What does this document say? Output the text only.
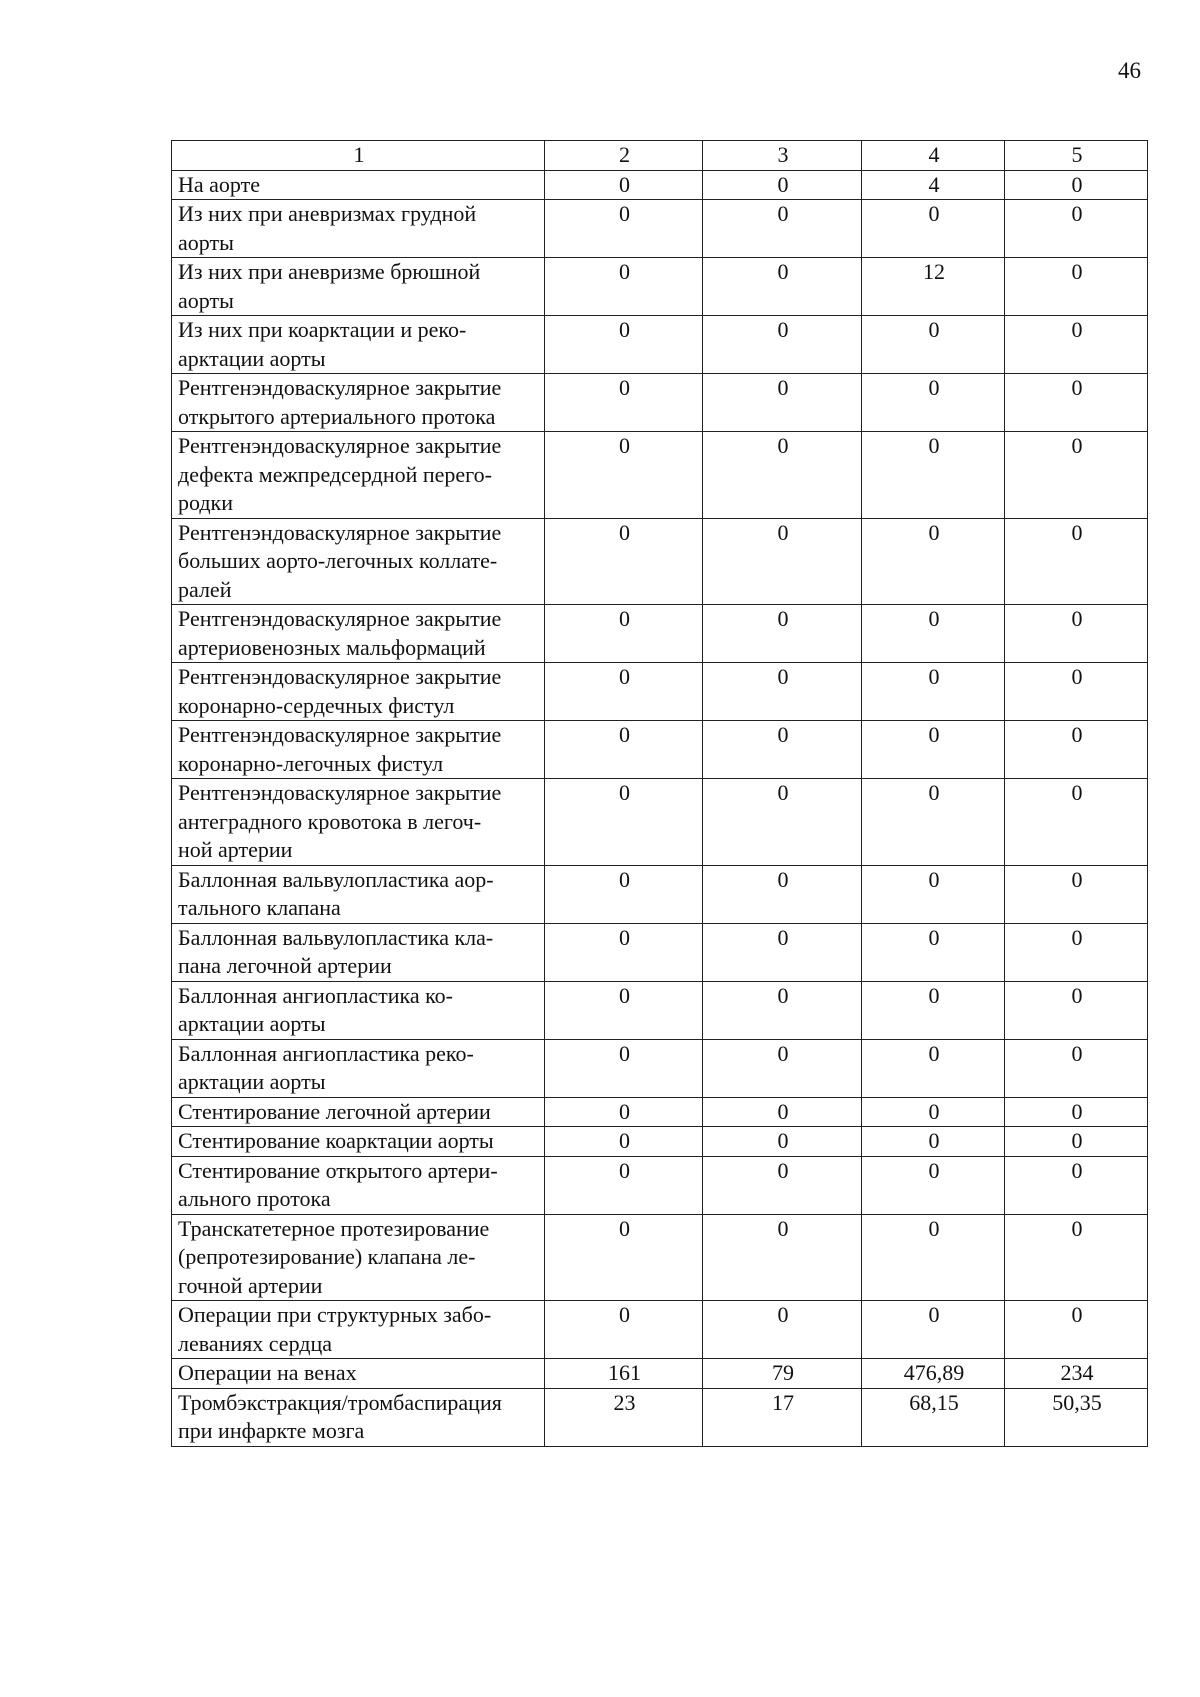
46
1	2	3	4	5
На аорте	0	0	4	0
Из них при аневризмах грудной
аорты	0	0	0	0
Из них при аневризме брюшной
аорты	0	0	12	0
Из них при коарктации и реко-
арктации аорты	0	0	0	0
Рентгенэндоваскулярное закрытие
открытого артериального протока	0	0	0	0
Рентгенэндоваскулярное закрытие
дефекта межпредсердной перего-
родки	0	0	0	0
Рентгенэндоваскулярное закрытие
больших аорто-легочных коллате-
ралей	0	0	0	0
Рентгенэндоваскулярное закрытие
артериовенозных мальформаций	0	0	0	0
Рентгенэндоваскулярное закрытие
коронарно-сердечных фистул	0	0	0	0
Рентгенэндоваскулярное закрытие
коронарно-легочных фистул	0	0	0	0
Рентгенэндоваскулярное закрытие
антеградного кровотока в легоч-
ной артерии	0	0	0	0
Баллонная вальвулопластика аор-
тального клапана	0	0	0	0
Баллонная вальвулопластика кла-
пана легочной артерии	0	0	0	0
Баллонная ангиопластика ко-
арктации аорты	0	0	0	0
Баллонная ангиопластика реко-
арктации аорты	0	0	0	0
Стентирование легочной артерии	0	0	0	0
Стентирование коарктации аорты	0	0	0	0
Стентирование открытого артери-
ального протока	0	0	0	0
Транскатетерное протезирование
(репротезирование) клапана ле-
гочной артерии	0	0	0	0
Операции при структурных забо-
леваниях сердца	0	0	0	0
Операции на венах	161	79	476,89	234
Тромбэкстракция/тромбаспирация
при инфаркте мозга	23	17	68,15	50,35
